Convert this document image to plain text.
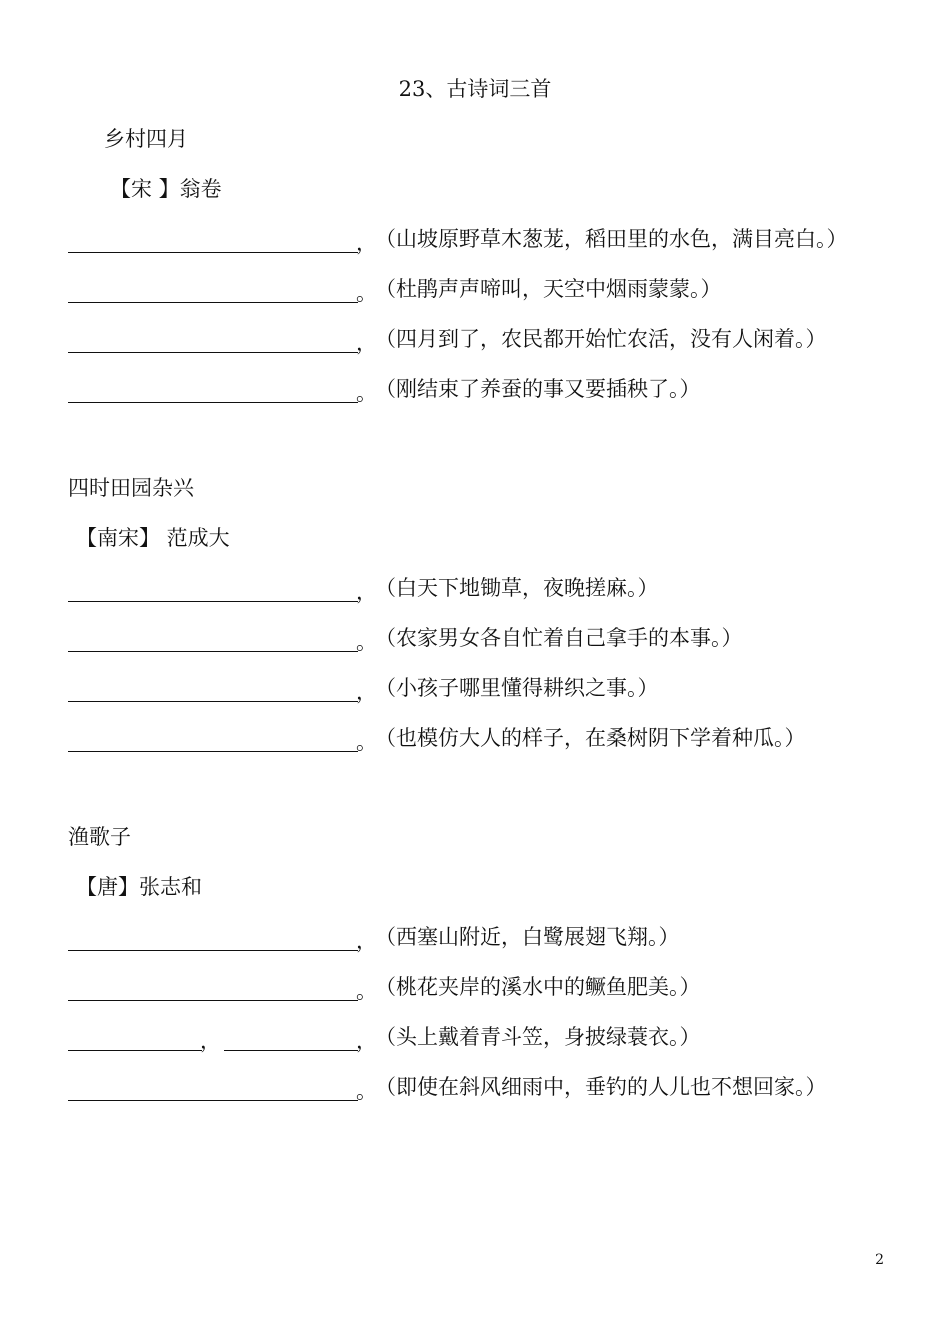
23、古诗词三首
乡村四月
【宋 】翁卷
，
（山坡原野草木葱茏，稻田里的水色，满目亮白。）
。
（杜鹃声声啼叫，天空中烟雨蒙蒙。）
，
（四月到了，农民都开始忙农活，没有人闲着。）
。
（刚结束了养蚕的事又要插秧了。）
四时田园杂兴
【南宋】 范成大
，
（白天下地锄草，夜晚搓麻。）
。
（农家男女各自忙着自己拿手的本事。）
，
（小孩子哪里懂得耕织之事。）
。
（也模仿大人的样子，在桑树阴下学着种瓜。）
渔歌子
【唐】张志和
，
（西塞山附近，白鹭展翅飞翔。）
。
（桃花夹岸的溪水中的鳜鱼肥美。）
，	，
（头上戴着青斗笠，身披绿蓑衣。）
。
（即使在斜风细雨中，垂钓的人儿也不想回家。）
2
